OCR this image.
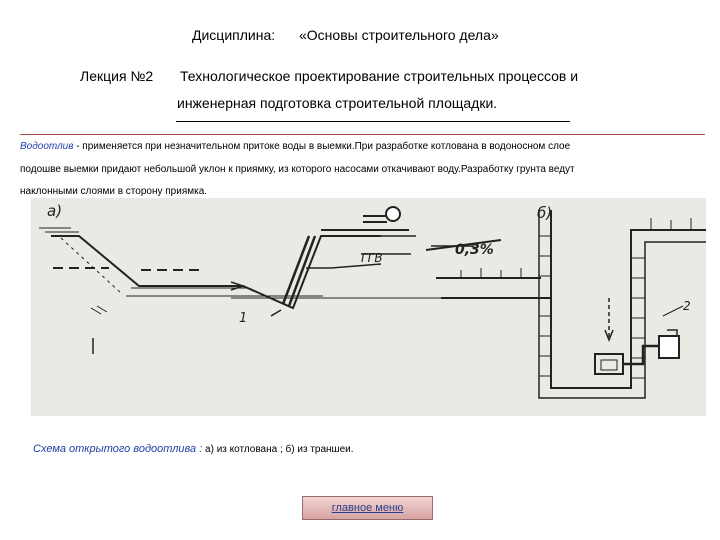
Дисциплина: «Основы строительного дела»
Лекция №2 Технологическое проектирование строительных процессов и
инженерная подготовка строительной площадки.
Водоотлив - применяется при незначительном притоке воды в выемки.При разработке котлована в водоносном слое
подошве выемки придают небольшой уклон к приямку, из которого насосами откачивают воду.Разработку грунта ведут
наклонными слоями в сторону приямка.
а)
ГГВ	0,3%
1
б)
2
Схема открытого водоотлива : а) из котлована ; б) из траншеи.
главное меню
